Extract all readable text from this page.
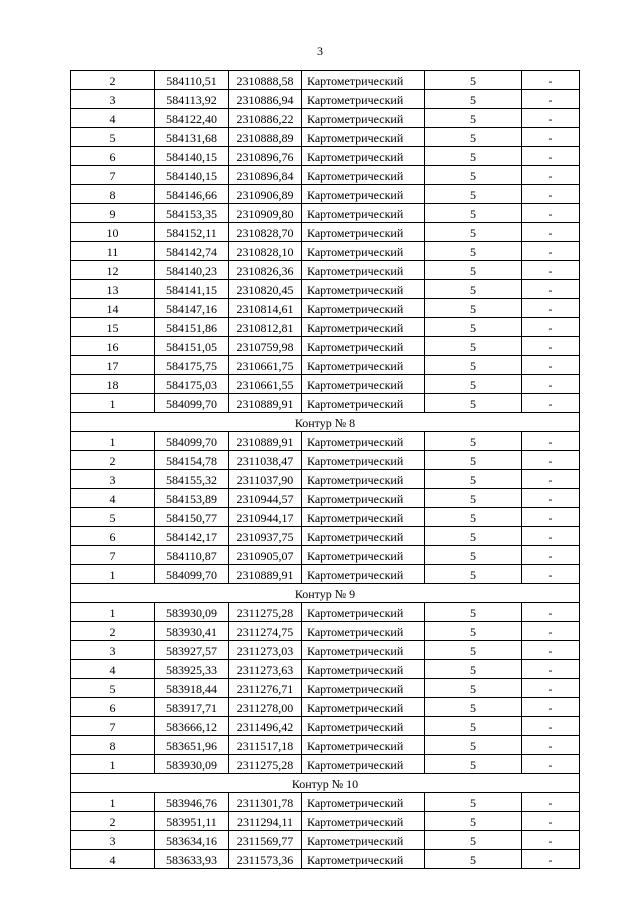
3
2	584110,51	2310888,58	Картометрический	5	-
3	584113,92	2310886,94	Картометрический	5	-
4	584122,40	2310886,22	Картометрический	5	-
5	584131,68	2310888,89	Картометрический	5	-
6	584140,15	2310896,76	Картометрический	5	-
7	584140,15	2310896,84	Картометрический	5	-
8	584146,66	2310906,89	Картометрический	5	-
9	584153,35	2310909,80	Картометрический	5	-
10	584152,11	2310828,70	Картометрический	5	-
11	584142,74	2310828,10	Картометрический	5	-
12	584140,23	2310826,36	Картометрический	5	-
13	584141,15	2310820,45	Картометрический	5	-
14	584147,16	2310814,61	Картометрический	5	-
15	584151,86	2310812,81	Картометрический	5	-
16	584151,05	2310759,98	Картометрический	5	-
17	584175,75	2310661,75	Картометрический	5	-
18	584175,03	2310661,55	Картометрический	5	-
1	584099,70	2310889,91	Картометрический	5	-
Контур № 8					
1	584099,70	2310889,91	Картометрический	5	-
2	584154,78	2311038,47	Картометрический	5	-
3	584155,32	2311037,90	Картометрический	5	-
4	584153,89	2310944,57	Картометрический	5	-
5	584150,77	2310944,17	Картометрический	5	-
6	584142,17	2310937,75	Картометрический	5	-
7	584110,87	2310905,07	Картометрический	5	-
1	584099,70	2310889,91	Картометрический	5	-
Контур № 9					
1	583930,09	2311275,28	Картометрический	5	-
2	583930,41	2311274,75	Картометрический	5	-
3	583927,57	2311273,03	Картометрический	5	-
4	583925,33	2311273,63	Картометрический	5	-
5	583918,44	2311276,71	Картометрический	5	-
6	583917,71	2311278,00	Картометрический	5	-
7	583666,12	2311496,42	Картометрический	5	-
8	583651,96	2311517,18	Картометрический	5	-
1	583930,09	2311275,28	Картометрический	5	-
Контур № 10					
1	583946,76	2311301,78	Картометрический	5	-
2	583951,11	2311294,11	Картометрический	5	-
3	583634,16	2311569,77	Картометрический	5	-
4	583633,93	2311573,36	Картометрический	5	-
